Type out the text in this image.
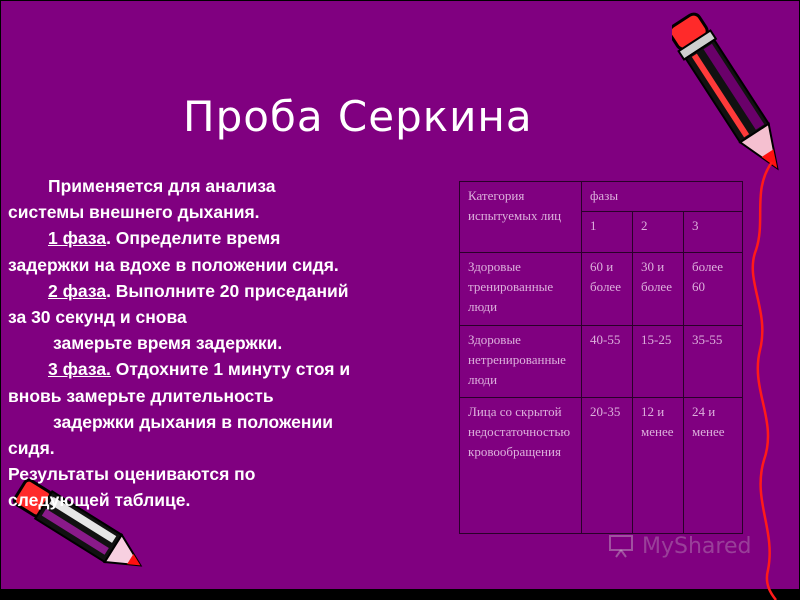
Проба Серкина
Применяется для анализа
системы внешнего дыхания.
1 фаза. Определите время
задержки на вдохе в положении сидя.
2 фаза. Выполните 20 приседаний
за 30 секунд и снова
замерьте время задержки.
3 фаза. Отдохните 1 минуту стоя и
вновь замерьте длительность
задержки дыхания в положении
сидя.
Результаты оцениваются по
следующей таблице.
Категория испытуемых лиц	фазы		
	1	2	3
Здоровые тренированные люди	60 и более	30 и более	более 60
Здоровые нетренированные люди	40-55	15-25	35-55
Лица со скрытой недостаточностью кровообращения	20-35	12 и менее	24 и менее
MyShared
